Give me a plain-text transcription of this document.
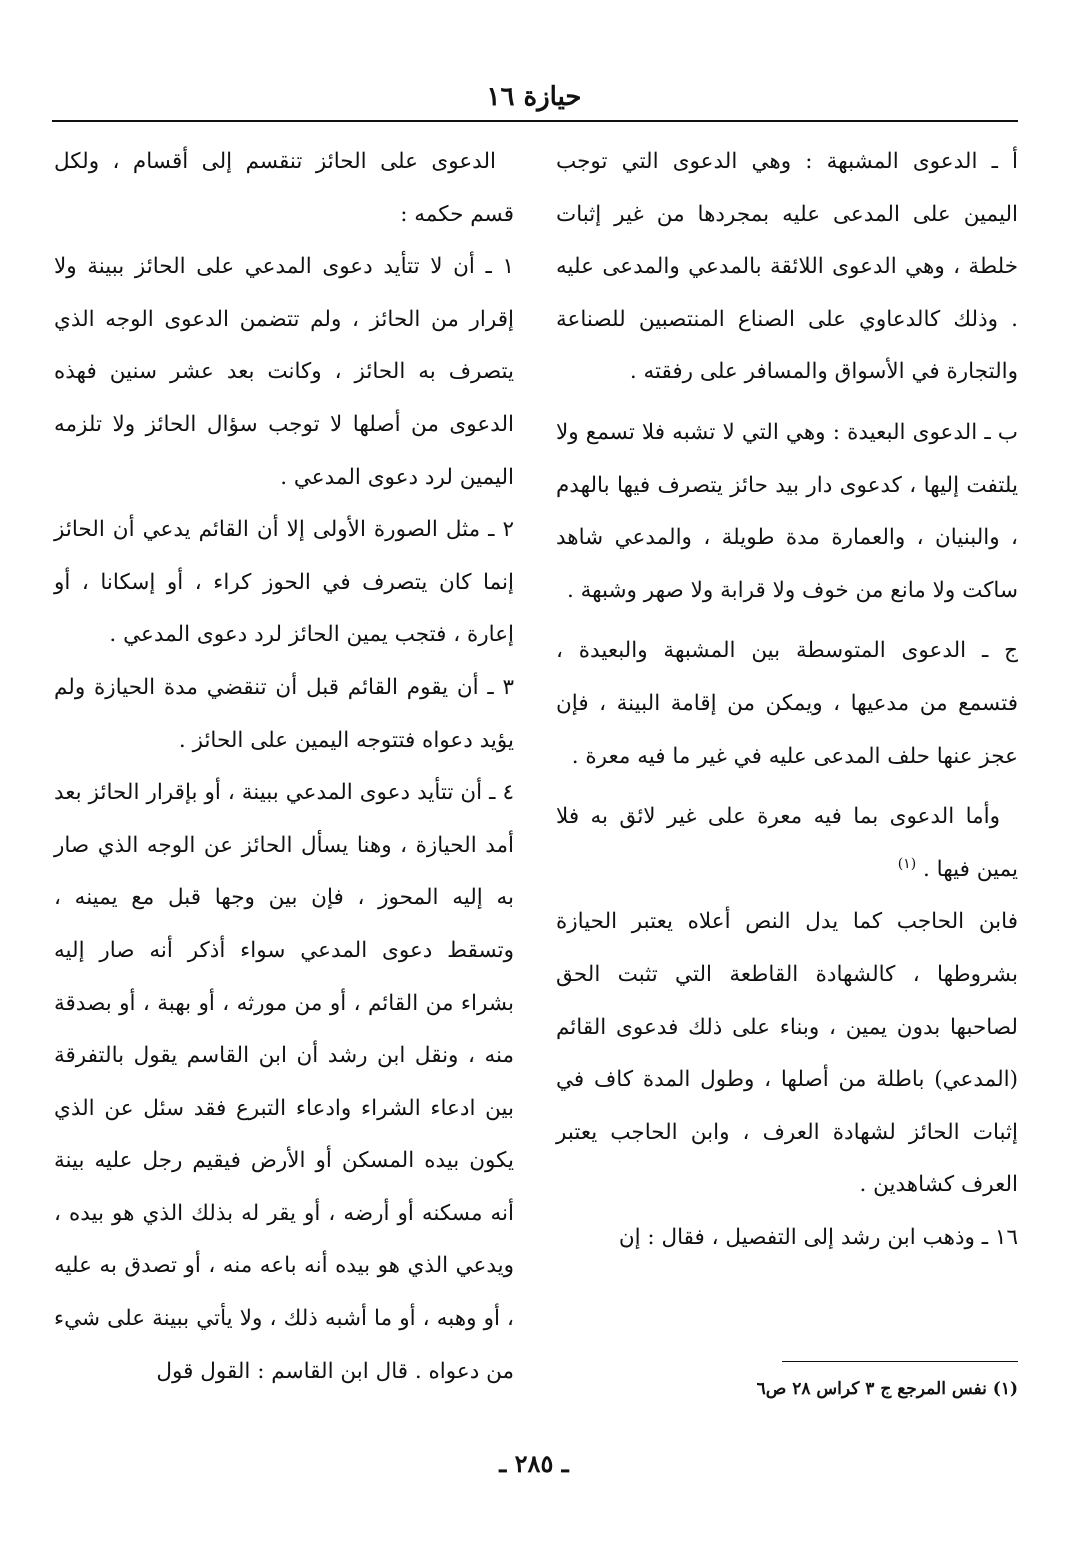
حيازة ١٦

أ ـ الدعوى المشبهة : وهي الدعوى التي توجب اليمين على المدعى عليه بمجردها من غير إثبات خلطة ، وهي الدعوى اللائقة بالمدعي والمدعى عليه . وذلك كالدعاوي على الصناع المنتصبين للصناعة والتجارة في الأسواق والمسافر على رفقته .

ب ـ الدعوى البعيدة : وهي التي لا تشبه فلا تسمع ولا يلتفت إليها ، كدعوى دار بيد حائز يتصرف فيها بالهدم ، والبنيان ، والعمارة مدة طويلة ، والمدعي شاهد ساكت ولا مانع من خوف ولا قرابة ولا صهر وشبهة .

ج ـ الدعوى المتوسطة بين المشبهة والبعيدة ، فتسمع من مدعيها ، ويمكن من إقامة البينة ، فإن عجز عنها حلف المدعى عليه في غير ما فيه معرة .

وأما الدعوى بما فيه معرة على غير لائق به فلا يمين فيها . $^{(١)}$

فابن الحاجب كما يدل النص أعلاه يعتبر الحيازة بشروطها ، كالشهادة القاطعة التي تثبت الحق لصاحبها بدون يمين ، وبناء على ذلك فدعوى القائم (المدعي) باطلة من أصلها ، وطول المدة كاف في إثبات الحائز لشهادة العرف ، وابن الحاجب يعتبر العرف كشاهدين .

١٦ ـ وذهب ابن رشد إلى التفصيل ، فقال : إن

الدعوى على الحائز تنقسم إلى أقسام ، ولكل قسم حكمه :

١ ـ أن لا تتأيد دعوى المدعي على الحائز ببينة ولا إقرار من الحائز ، ولم تتضمن الدعوى الوجه الذي يتصرف به الحائز ، وكانت بعد عشر سنين فهذه الدعوى من أصلها لا توجب سؤال الحائز ولا تلزمه اليمين لرد دعوى المدعي .

٢ ـ مثل الصورة الأولى إلا أن القائم يدعي أن الحائز إنما كان يتصرف في الحوز كراء ، أو إسكانا ، أو إعارة ، فتجب يمين الحائز لرد دعوى المدعي .

٣ ـ أن يقوم القائم قبل أن تنقضي مدة الحيازة ولم يؤيد دعواه فتتوجه اليمين على الحائز .

٤ ـ أن تتأيد دعوى المدعي ببينة ، أو بإقرار الحائز بعد أمد الحيازة ، وهنا يسأل الحائز عن الوجه الذي صار به إليه المحوز ، فإن بين وجها قبل مع يمينه ، وتسقط دعوى المدعي سواء أذكر أنه صار إليه بشراء من القائم ، أو من مورثه ، أو بهبة ، أو بصدقة منه ، ونقل ابن رشد أن ابن القاسم يقول بالتفرقة بين ادعاء الشراء وادعاء التبرع فقد سئل عن الذي يكون بيده المسكن أو الأرض فيقيم رجل عليه بينة أنه مسكنه أو أرضه ، أو يقر له بذلك الذي هو بيده ، ويدعي الذي هو بيده أنه باعه منه ، أو تصدق به عليه ، أو وهبه ، أو ما أشبه ذلك ، ولا يأتي ببينة على شيء من دعواه . قال ابن القاسم : القول قول

(١) نفس المرجع ج ٣ كراس ٢٨ ص٦
ـ ٢٨٥ ـ
